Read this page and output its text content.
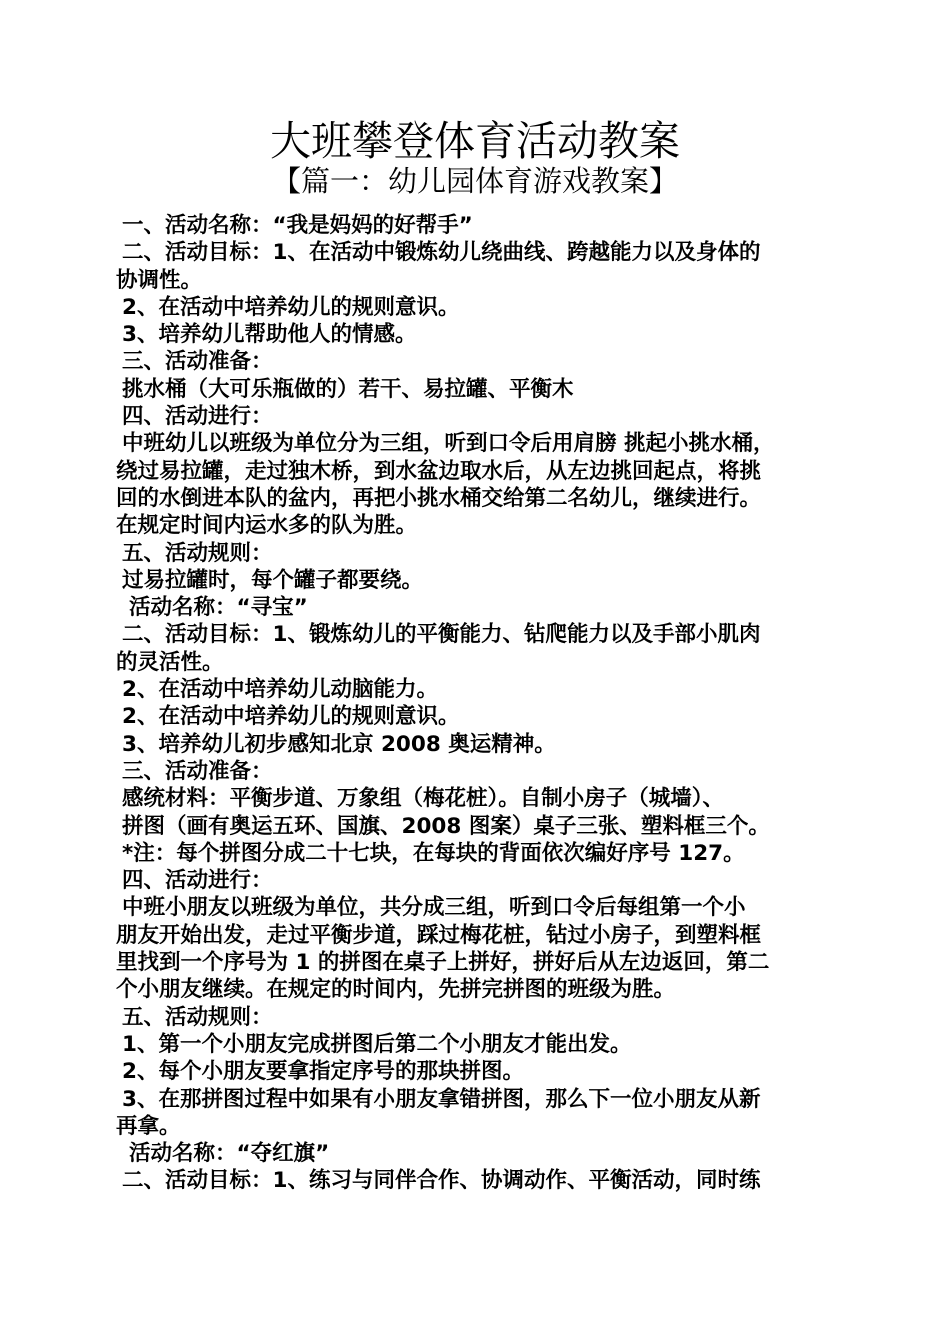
大班攀登体育活动教案
【篇一：幼儿园体育游戏教案】
一、活动名称：“我是妈妈的好帮手”
二、活动目标：1、在活动中锻炼幼儿绕曲线、跨越能力以及身体的
协调性。
2、在活动中培养幼儿的规则意识。
3、培养幼儿帮助他人的情感。
三、活动准备：
挑水桶（大可乐瓶做的）若干、易拉罐、平衡木
四、活动进行：
中班幼儿以班级为单位分为三组，听到口令后用肩膀 挑起小挑水桶，
绕过易拉罐，走过独木桥，到水盆边取水后，从左边挑回起点，将挑
回的水倒进本队的盆内，再把小挑水桶交给第二名幼儿，继续进行。
在规定时间内运水多的队为胜。
五、活动规则：
过易拉罐时，每个罐子都要绕。
活动名称：“寻宝”
二、活动目标：1、锻炼幼儿的平衡能力、钻爬能力以及手部小肌肉
的灵活性。
2、在活动中培养幼儿动脑能力。
2、在活动中培养幼儿的规则意识。
3、培养幼儿初步感知北京 2008 奥运精神。
三、活动准备：
感统材料：平衡步道、万象组（梅花桩）。自制小房子（城墙）、
拼图（画有奥运五环、国旗、2008 图案）桌子三张、塑料框三个。
*注：每个拼图分成二十七块，在每块的背面依次编好序号 127。
四、活动进行：
中班小朋友以班级为单位，共分成三组，听到口令后每组第一个小
朋友开始出发，走过平衡步道，踩过梅花桩，钻过小房子，到塑料框
里找到一个序号为 1 的拼图在桌子上拼好，拼好后从左边返回，第二
个小朋友继续。在规定的时间内，先拼完拼图的班级为胜。
五、活动规则：
1、第一个小朋友完成拼图后第二个小朋友才能出发。
2、每个小朋友要拿指定序号的那块拼图。
3、在那拼图过程中如果有小朋友拿错拼图，那么下一位小朋友从新
再拿。
活动名称：“夺红旗”
二、活动目标：1、练习与同伴合作、协调动作、平衡活动，同时练
